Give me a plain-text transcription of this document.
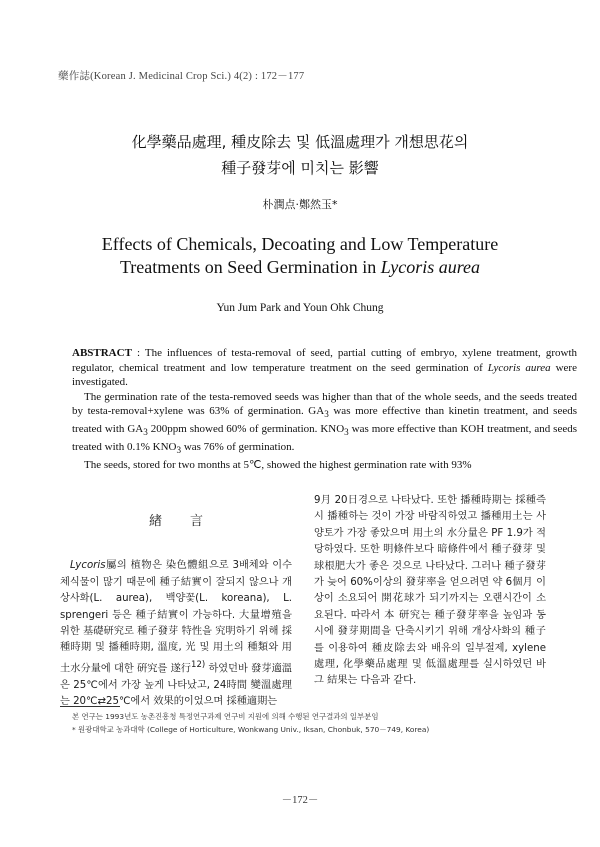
藥作誌(Korean J. Medicinal Crop Sci.) 4(2) : 172－177
化學藥品處理, 種皮除去 및 低溫處理가 개想思花의
種子發芽에 미치는 影響
朴潤点·鄭然玉*
Effects of Chemicals, Decoating and Low Temperature
Treatments on Seed Germination in Lycoris aurea
Yun Jum Park and Youn Ohk Chung

ABSTRACT : The influences of testa-removal of seed, partial cutting of embryo, xylene treatment, growth regulator, chemical treatment and low temperature treatment on the seed germination of Lycoris aurea were investigated.

The germination rate of the testa-removed seeds was higher than that of the whole seeds, and the seeds treated by testa-removal+xylene was 63% of germination. $GA_3$ was more effective than kinetin treatment, and seeds treated with $GA_3$ 200ppm showed 60% of germination. $KNO_3$ was more effective than KOH treatment, and seeds treated with 0.1% $KNO_3$ was 76% of germination.

The seeds, stored for two months at 5℃, showed the highest germination rate with 93%

緖言

Lycoris屬의 植物은 染色體組으로 3배체와 이수체식물이 많기 때문에 種子結實이 잘되지 않으나 개상사화(L. aurea), 백양꽃(L. koreana), L. sprengeri 등은 種子結實이 가능하다. 大量增殖을 위한 基礎研究로 種子發芽 特性을 究明하기 위해 採種時期 및 播種時期, 溫度, 光 및 用土의 種類와 用土水分量에 대한 硏究를 遂行$^{12)}$ 하였던바 發芽適溫은 25℃에서 가장 높게 나타났고, 24時間 變溫處理는 20℃⇄25℃에서 效果的이었으며 採種適期는

9月 20日경으로 나타났다. 또한 播種時期는 採種즉시 播種하는 것이 가장 바람직하였고 播種用土는 사양토가 가장 좋았으며 用土의 水分量은 PF 1.9가 적당하였다. 또한 明條件보다 暗條件에서 種子發芽 및 球根肥大가 좋은 것으로 나타났다. 그러나 種子發芽가 늦어 60%이상의 發芽率을 얻으려면 약 6個月 이상이 소요되어 開花球가 되기까지는 오랜시간이 소요된다. 따라서 本 研究는 種子發芽率을 높임과 동시에 發芽期間을 단축시키기 위해 개상사화의 種子를 이용하여 種皮除去와 배유의 일부절제, xylene處理, 化學藥品處理 및 低溫處理를 실시하였던 바 그 結果는 다음과 같다.

본 연구는 1993년도 농촌진흥청 특정연구과제 연구비 지원에 의해 수행된 연구결과의 일부분임

* 원광대학교 농과대학 (College of Horticulture, Wonkwang Univ., Iksan, Chonbuk, 570－749, Korea)

－172－
